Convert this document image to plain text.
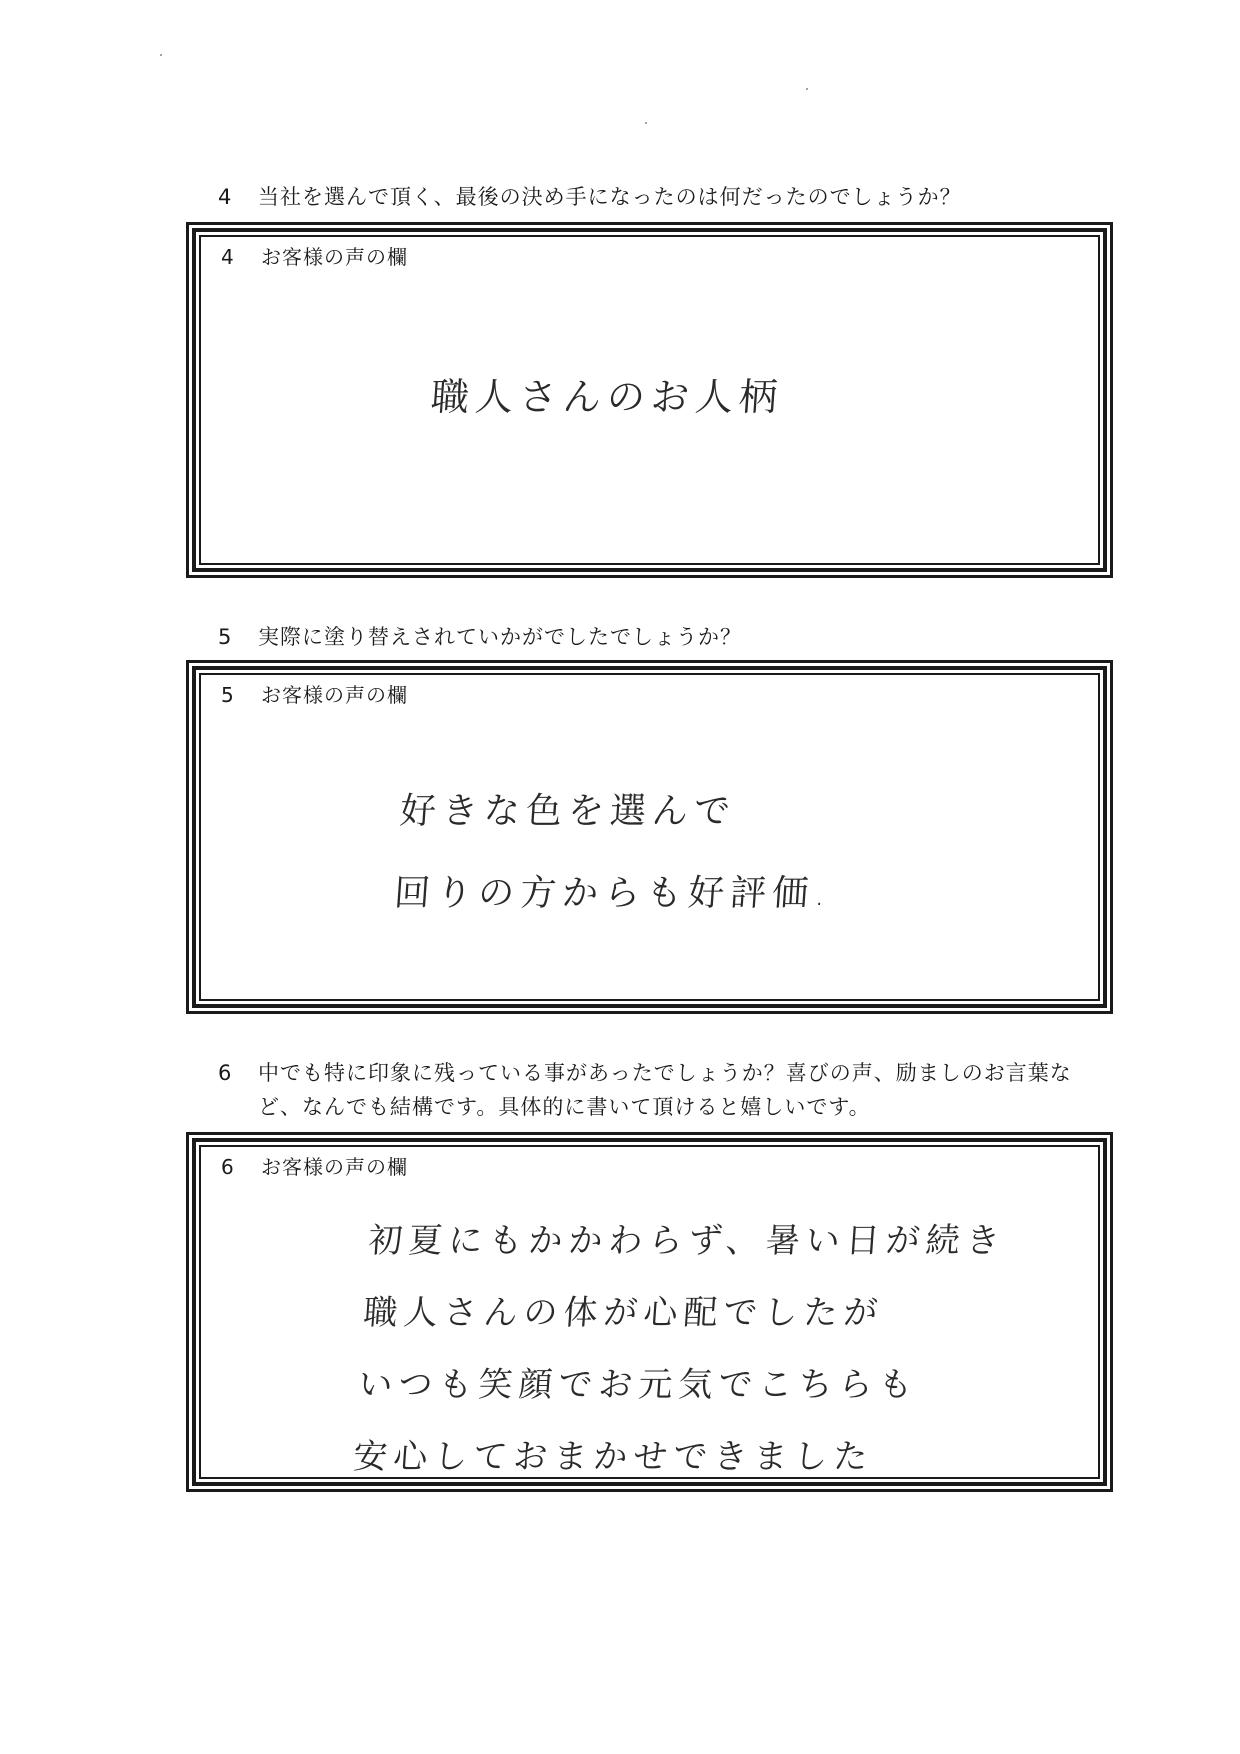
4	当社を選んで頂く、最後の決め手になったのは何だったのでしょうか？
4 お客様の声の欄
職人さんのお人柄
5	実際に塗り替えされていかがでしたでしょうか？
5 お客様の声の欄
好きな色を選んで
回りの方からも好評価.
6	中でも特に印象に残っている事があったでしょうか？喜びの声、励ましのお言葉な
ど、なんでも結構です。具体的に書いて頂けると嬉しいです。
6 お客様の声の欄
初夏にもかかわらず、暑い日が続き
職人さんの体が心配でしたが
いつも笑顔でお元気でこちらも
安心しておまかせできました
